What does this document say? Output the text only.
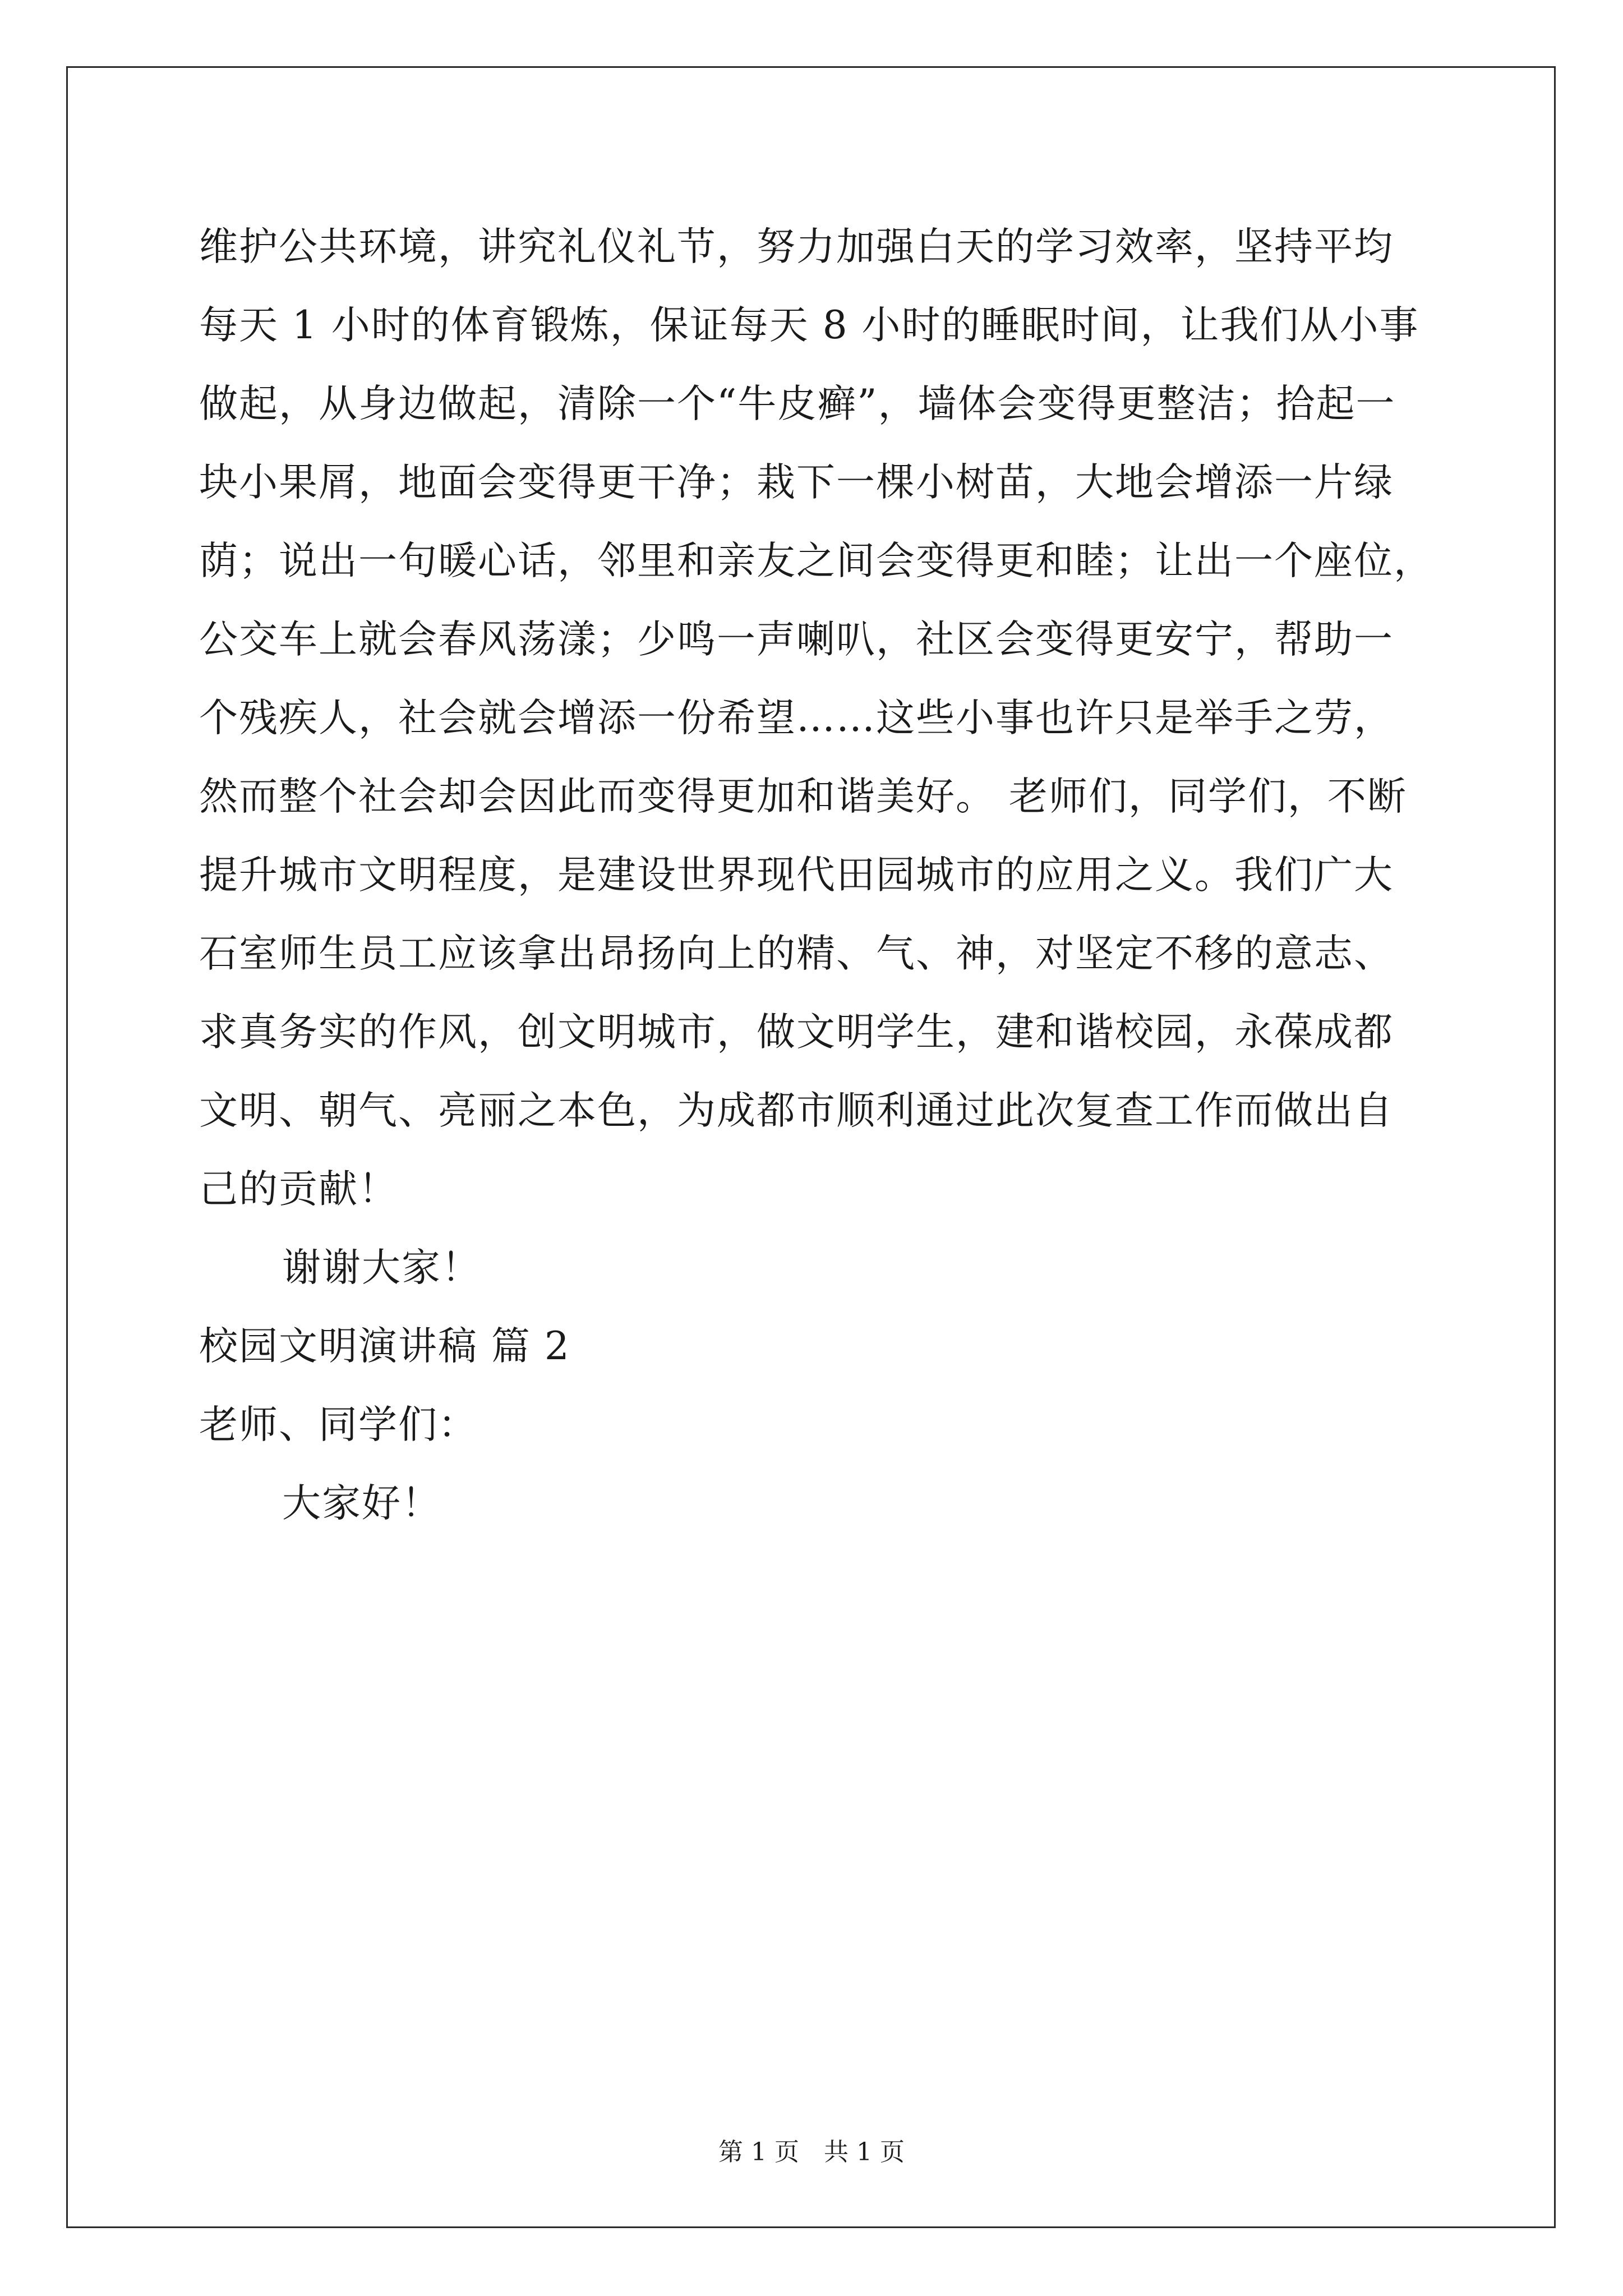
维护公共环境，讲究礼仪礼节，努力加强白天的学习效率，坚持平均

每天 1 小时的体育锻炼，保证每天 8 小时的睡眠时间，让我们从小事

做起，从身边做起，清除一个“牛皮癣”，墙体会变得更整洁；拾起一

块小果屑，地面会变得更干净；栽下一棵小树苗，大地会增添一片绿

荫；说出一句暖心话，邻里和亲友之间会变得更和睦；让出一个座位，

公交车上就会春风荡漾；少鸣一声喇叭，社区会变得更安宁，帮助一

个残疾人，社会就会增添一份希望……这些小事也许只是举手之劳，

然而整个社会却会因此而变得更加和谐美好。 老师们，同学们，不断

提升城市文明程度，是建设世界现代田园城市的应用之义。我们广大

石室师生员工应该拿出昂扬向上的精、气、神，对坚定不移的意志、

求真务实的作风，创文明城市，做文明学生，建和谐校园，永葆成都

文明、朝气、亮丽之本色，为成都市顺利通过此次复查工作而做出自

己的贡献！

谢谢大家！

校园文明演讲稿 篇 2

老师、同学们：

大家好！

第 1 页　共 1 页
